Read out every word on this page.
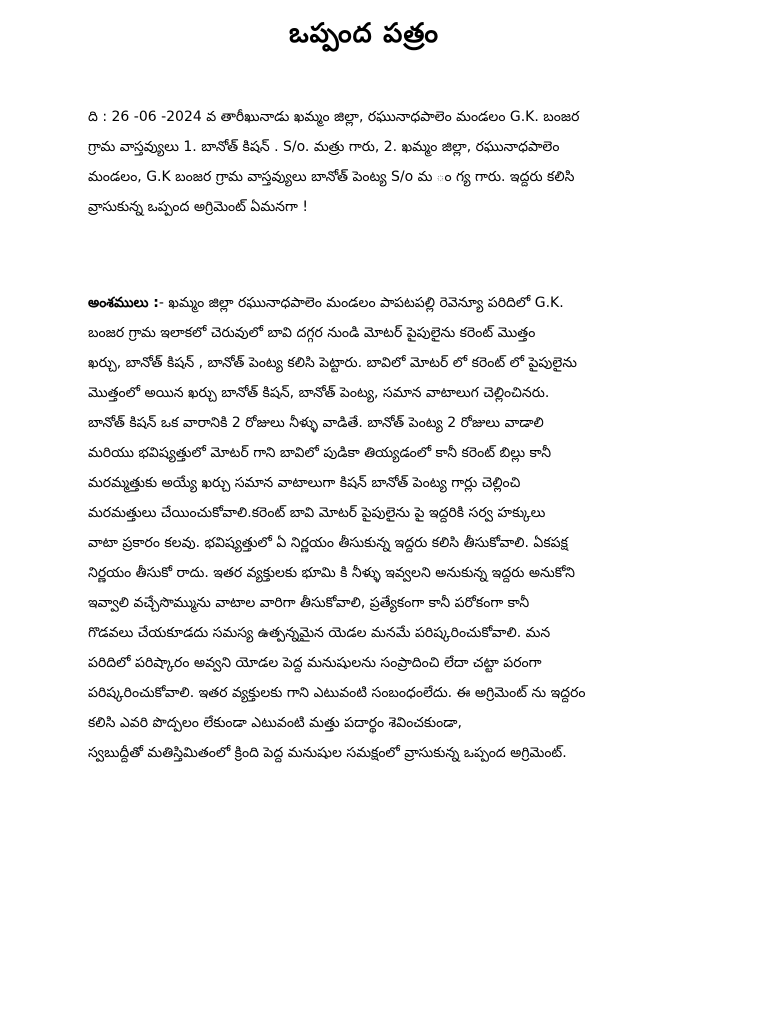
ఒప్పంద పత్రం
ది : 26 -06 -2024 వ తారీఖునాడు ఖమ్మం జిల్లా, రఘునాధపాలెం మండలం G.K. బంజర
గ్రామ వాస్తవ్యులు 1. బానోత్ కిషన్ . S/o. మత్రు గారు, 2. ఖమ్మం జిల్లా, రఘునాధపాలెం
మండలం, G.K బంజర గ్రామ వాస్తవ్యులు బానోత్ పెంట్య S/o మ ం గ్య గారు. ఇద్దరు కలిసి
వ్రాసుకున్న ఒప్పంద అగ్రిమెంట్ ఏమనగా !
అంశములు :- ఖమ్మం జిల్లా రఘునాధపాలెం మండలం పాపటపల్లి రెవెన్యూ పరిదిలో G.K.
బంజర గ్రామ ఇలాకలో చెరువులో బావి దగ్గర నుండి మోటర్ పైపులైను కరెంట్ మొత్తం
ఖర్చు, బానోత్ కిషన్ , బానోత్ పెంట్య కలిసి పెట్టారు. బావిలో మోటర్ లో కరెంట్ లో పైపులైను
మొత్తంలో అయిన ఖర్చు బానోత్ కిషన్, బానోత్ పెంట్య, సమాన వాటాలుగ చెల్లించినరు.
బానోత్ కిషన్ ఒక వారానికి 2 రోజులు నీళ్ళు వాడితే. బానోత్ పెంట్య 2 రోజులు వాడాలి
మరియు భవిష్యత్తులో మోటర్ గాని బావిలో పుడికా తియ్యడంలో కానీ కరెంట్ బిల్లు కానీ
మరమ్మత్తుకు అయ్యే ఖర్చు సమాన వాటాలుగా కిషన్ బానోత్ పెంట్య గార్లు చెల్లించి
మరమత్తులు చేయించుకోవాలి.కరెంట్ బావి మోటర్ పైపులైను పై ఇద్దరికి సర్వ హక్కులు
వాటా ప్రకారం కలవు. భవిష్యత్తులో ఏ నిర్ణయం తీసుకున్న ఇద్దరు కలిసి తీసుకోవాలి. ఏకపక్ష
నిర్ణయం తీసుకో రాదు. ఇతర వ్యక్తులకు భూమి కి నీళ్ళు ఇవ్వలని అనుకున్న ఇద్దరు అనుకోని
ఇవ్వాలి వచ్చేసొమ్మును వాటాల వారిగా తీసుకోవాలి, ప్రత్యేకంగా కానీ పరోకంగా కానీ
గొడవలు చేయకూడదు సమస్య ఉత్పన్నమైన యెడల మనమే పరిష్కరించుకోవాలి. మన
పరిదిలో పరిష్కారం అవ్వని యోడల పెద్ద మనుషులను సంప్రాదించి లేదా చట్టా పరంగా
పరిష్కరించుకోవాలి. ఇతర వ్యక్తులకు గాని ఎటువంటి సంబంధంలేదు. ఈ అగ్రిమెంట్ ను ఇద్దరం
కలిసి ఎవరి పొద్పలం లేకుండా ఎటువంటి మత్తు పదార్థం శెవించకుండా,
స్వబుద్దీతో మతిస్తిమితంలో క్రింది పెద్ద మనుషుల సమక్షంలో వ్రాసుకున్న ఒప్పంద అగ్రిమెంట్.
